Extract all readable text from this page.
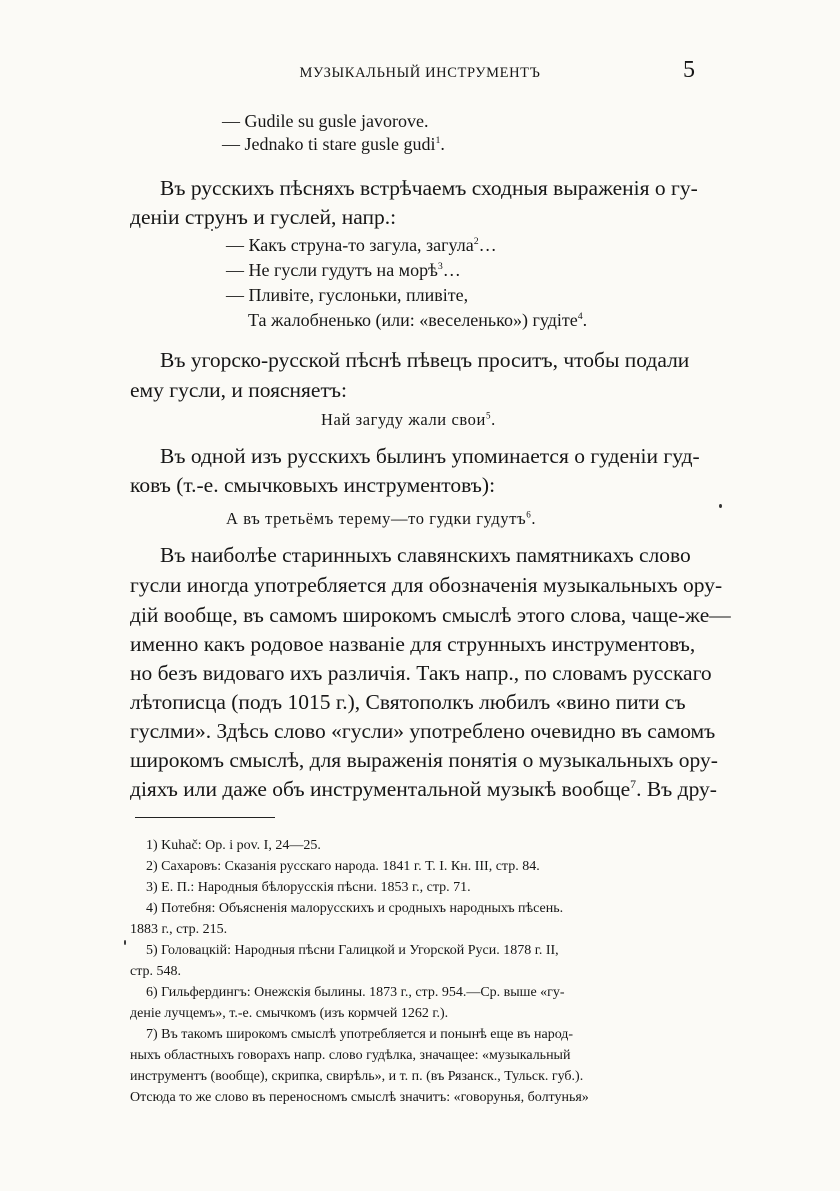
МУЗЫКАЛЬНЫЙ ИНСТРУМЕНТЪ	5
— Gudile su gusle javorove.
— Jednako ti stare gusle gudi$^1$.
Въ русскихъ пѣсняхъ встрѣчаемъ сходныя выраженія о гу-
деніи струнъ и гуслей, напр.:
— Какъ струна-то загула, загула$^2$…
— Не гусли гудутъ на морѣ$^3$…
— Пливіте, гуслоньки, пливіте,
Та жалобненько (или: «веселенько») гудіте$^4$.
Въ угорско-русской пѣснѣ пѣвецъ проситъ, чтобы подали
ему гусли, и поясняетъ:
Най загуду жали свои$^5$.
Въ одной изъ русскихъ былинъ упоминается о гуденіи гуд-
ковъ (т.-е. смычковыхъ инструментовъ):
А въ третьёмъ терему—то гудки гудутъ$^6$.
Въ наиболѣе старинныхъ славянскихъ памятникахъ слово
гусли иногда употребляется для обозначенія музыкальныхъ ору-
дій вообще, въ самомъ широкомъ смыслѣ этого слова, чаще-же—
именно какъ родовое названіе для струнныхъ инструментовъ,
но безъ видоваго ихъ различія. Такъ напр., по словамъ русскаго
лѣтописца (подъ 1015 г.), Святополкъ любилъ «вино пити съ
гуслми». Здѣсь слово «гусли» употреблено очевидно въ самомъ
широкомъ смыслѣ, для выраженія понятія о музыкальныхъ ору-
діяхъ или даже объ инструментальной музыкѣ вообще$^7$. Въ дру-

1) Kuhač: Op. i pov. I, 24—25.

2) Сахаровъ: Сказанія русскаго народа. 1841 г. Т. I. Кн. III, стр. 84.

3) Е. П.: Народныя бѣлорусскія пѣсни. 1853 г., стр. 71.

4) Потебня: Объясненія малорусскихъ и сродныхъ народныхъ пѣсень.

1883 г., стр. 215.

5) Головацкій: Народныя пѣсни Галицкой и Угорской Руси. 1878 г. II,

стр. 548.

6) Гильфердингъ: Онежскія былины. 1873 г., стр. 954.—Ср. выше «гу-

деніе лучцемъ», т.-е. смычкомъ (изъ кормчей 1262 г.).

7) Въ такомъ широкомъ смыслѣ употребляется и понынѣ еще въ народ-

ныхъ областныхъ говорахъ напр. слово гудѣлка, значащее: «музыкальный

инструментъ (вообще), скрипка, свирѣль», и т. п. (въ Рязанск., Тульск. губ.).

Отсюда то же слово въ переносномъ смыслѣ значитъ: «говорунья, болтунья»
